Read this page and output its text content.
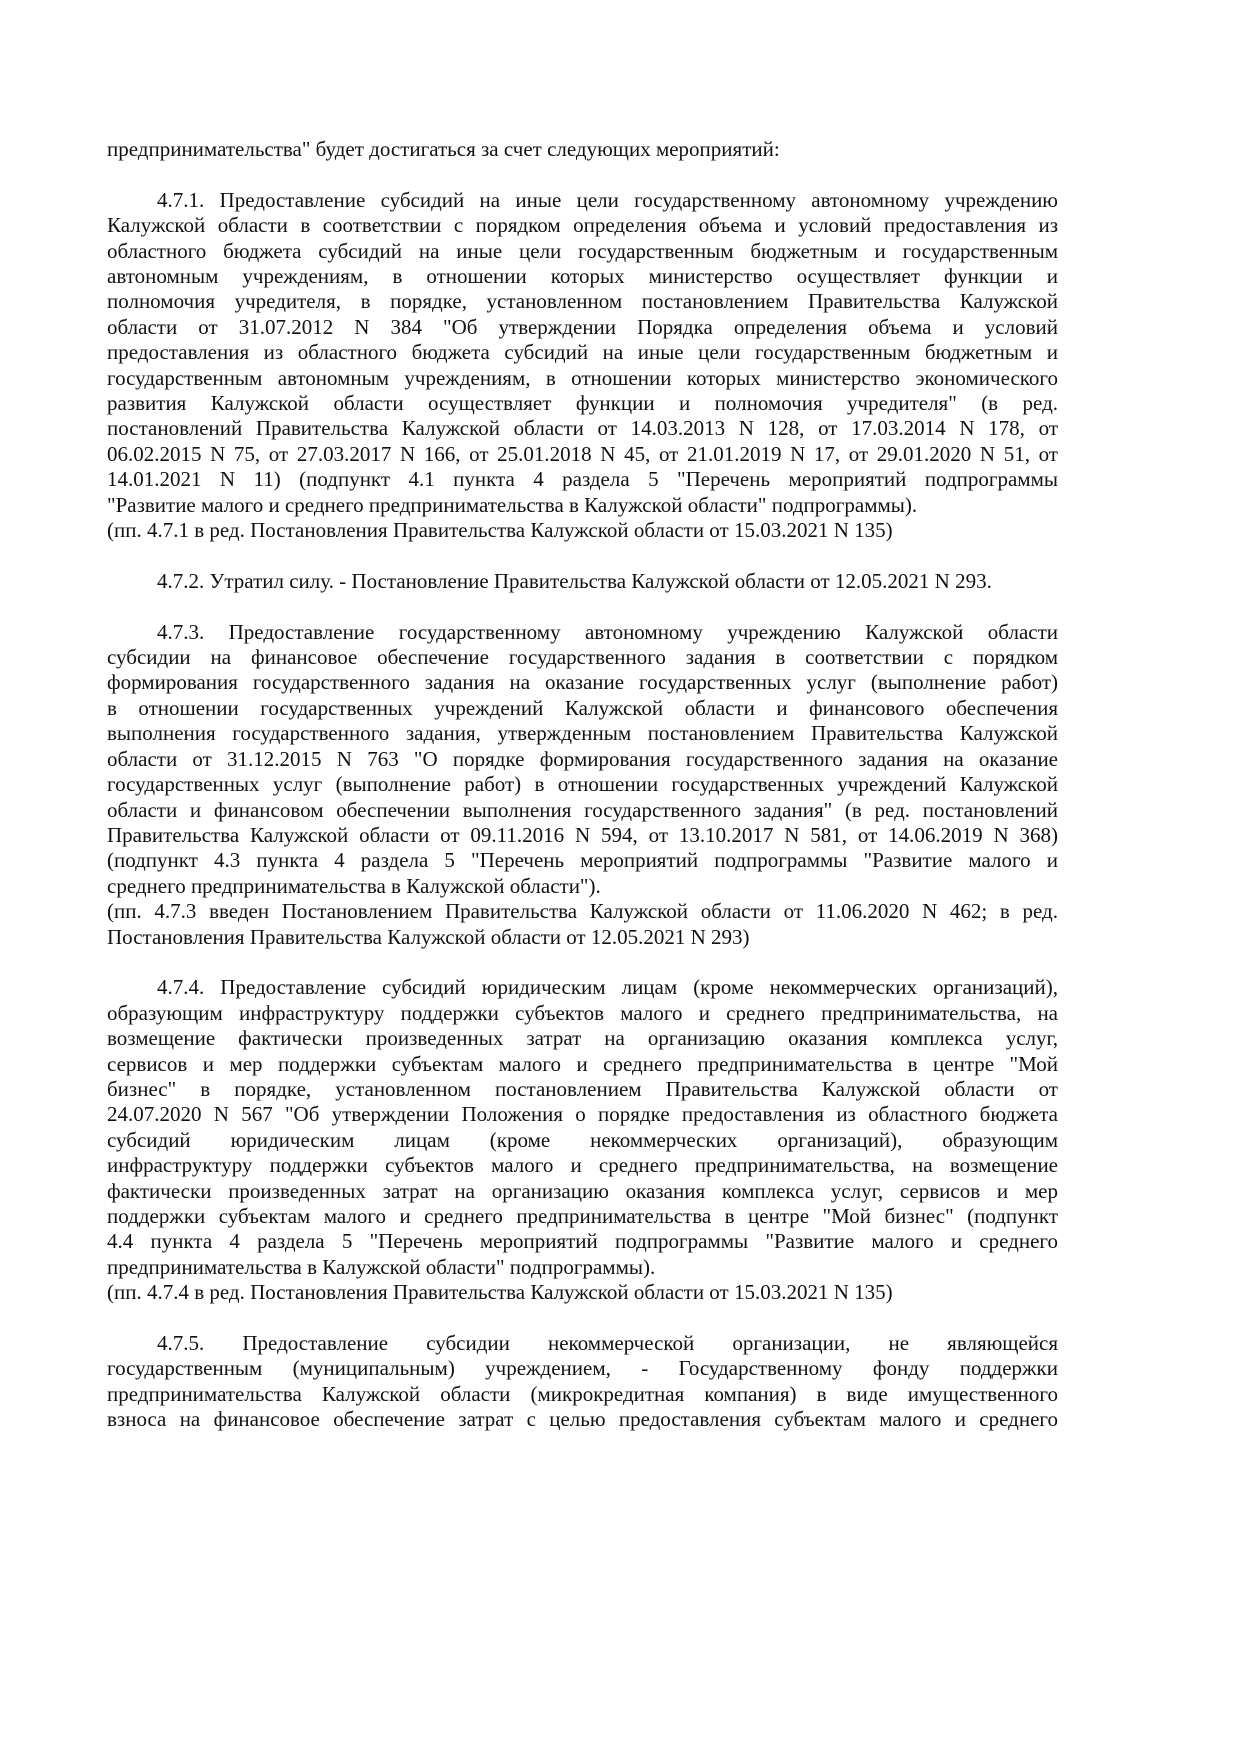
предпринимательства" будет достигаться за счет следующих мероприятий:
4.7.1. Предоставление субсидий на иные цели государственному автономному учреждению
Калужской области в соответствии с порядком определения объема и условий предоставления из
областного бюджета субсидий на иные цели государственным бюджетным и государственным
автономным учреждениям, в отношении которых министерство осуществляет функции и
полномочия учредителя, в порядке, установленном постановлением Правительства Калужской
области от 31.07.2012 N 384 "Об утверждении Порядка определения объема и условий
предоставления из областного бюджета субсидий на иные цели государственным бюджетным и
государственным автономным учреждениям, в отношении которых министерство экономического
развития Калужской области осуществляет функции и полномочия учредителя" (в ред.
постановлений Правительства Калужской области от 14.03.2013 N 128, от 17.03.2014 N 178, от
06.02.2015 N 75, от 27.03.2017 N 166, от 25.01.2018 N 45, от 21.01.2019 N 17, от 29.01.2020 N 51, от
14.01.2021 N 11) (подпункт 4.1 пункта 4 раздела 5 "Перечень мероприятий подпрограммы
"Развитие малого и среднего предпринимательства в Калужской области" подпрограммы).
(пп. 4.7.1 в ред. Постановления Правительства Калужской области от 15.03.2021 N 135)
4.7.2. Утратил силу. - Постановление Правительства Калужской области от 12.05.2021 N 293.
4.7.3. Предоставление государственному автономному учреждению Калужской области
субсидии на финансовое обеспечение государственного задания в соответствии с порядком
формирования государственного задания на оказание государственных услуг (выполнение работ)
в отношении государственных учреждений Калужской области и финансового обеспечения
выполнения государственного задания, утвержденным постановлением Правительства Калужской
области от 31.12.2015 N 763 "О порядке формирования государственного задания на оказание
государственных услуг (выполнение работ) в отношении государственных учреждений Калужской
области и финансовом обеспечении выполнения государственного задания" (в ред. постановлений
Правительства Калужской области от 09.11.2016 N 594, от 13.10.2017 N 581, от 14.06.2019 N 368)
(подпункт 4.3 пункта 4 раздела 5 "Перечень мероприятий подпрограммы "Развитие малого и
среднего предпринимательства в Калужской области").
(пп. 4.7.3 введен Постановлением Правительства Калужской области от 11.06.2020 N 462; в ред.
Постановления Правительства Калужской области от 12.05.2021 N 293)
4.7.4. Предоставление субсидий юридическим лицам (кроме некоммерческих организаций),
образующим инфраструктуру поддержки субъектов малого и среднего предпринимательства, на
возмещение фактически произведенных затрат на организацию оказания комплекса услуг,
сервисов и мер поддержки субъектам малого и среднего предпринимательства в центре "Мой
бизнес" в порядке, установленном постановлением Правительства Калужской области от
24.07.2020 N 567 "Об утверждении Положения о порядке предоставления из областного бюджета
субсидий юридическим лицам (кроме некоммерческих организаций), образующим
инфраструктуру поддержки субъектов малого и среднего предпринимательства, на возмещение
фактически произведенных затрат на организацию оказания комплекса услуг, сервисов и мер
поддержки субъектам малого и среднего предпринимательства в центре "Мой бизнес" (подпункт
4.4 пункта 4 раздела 5 "Перечень мероприятий подпрограммы "Развитие малого и среднего
предпринимательства в Калужской области" подпрограммы).
(пп. 4.7.4 в ред. Постановления Правительства Калужской области от 15.03.2021 N 135)
4.7.5. Предоставление субсидии некоммерческой организации, не являющейся
государственным (муниципальным) учреждением, - Государственному фонду поддержки
предпринимательства Калужской области (микрокредитная компания) в виде имущественного
взноса на финансовое обеспечение затрат с целью предоставления субъектам малого и среднего
